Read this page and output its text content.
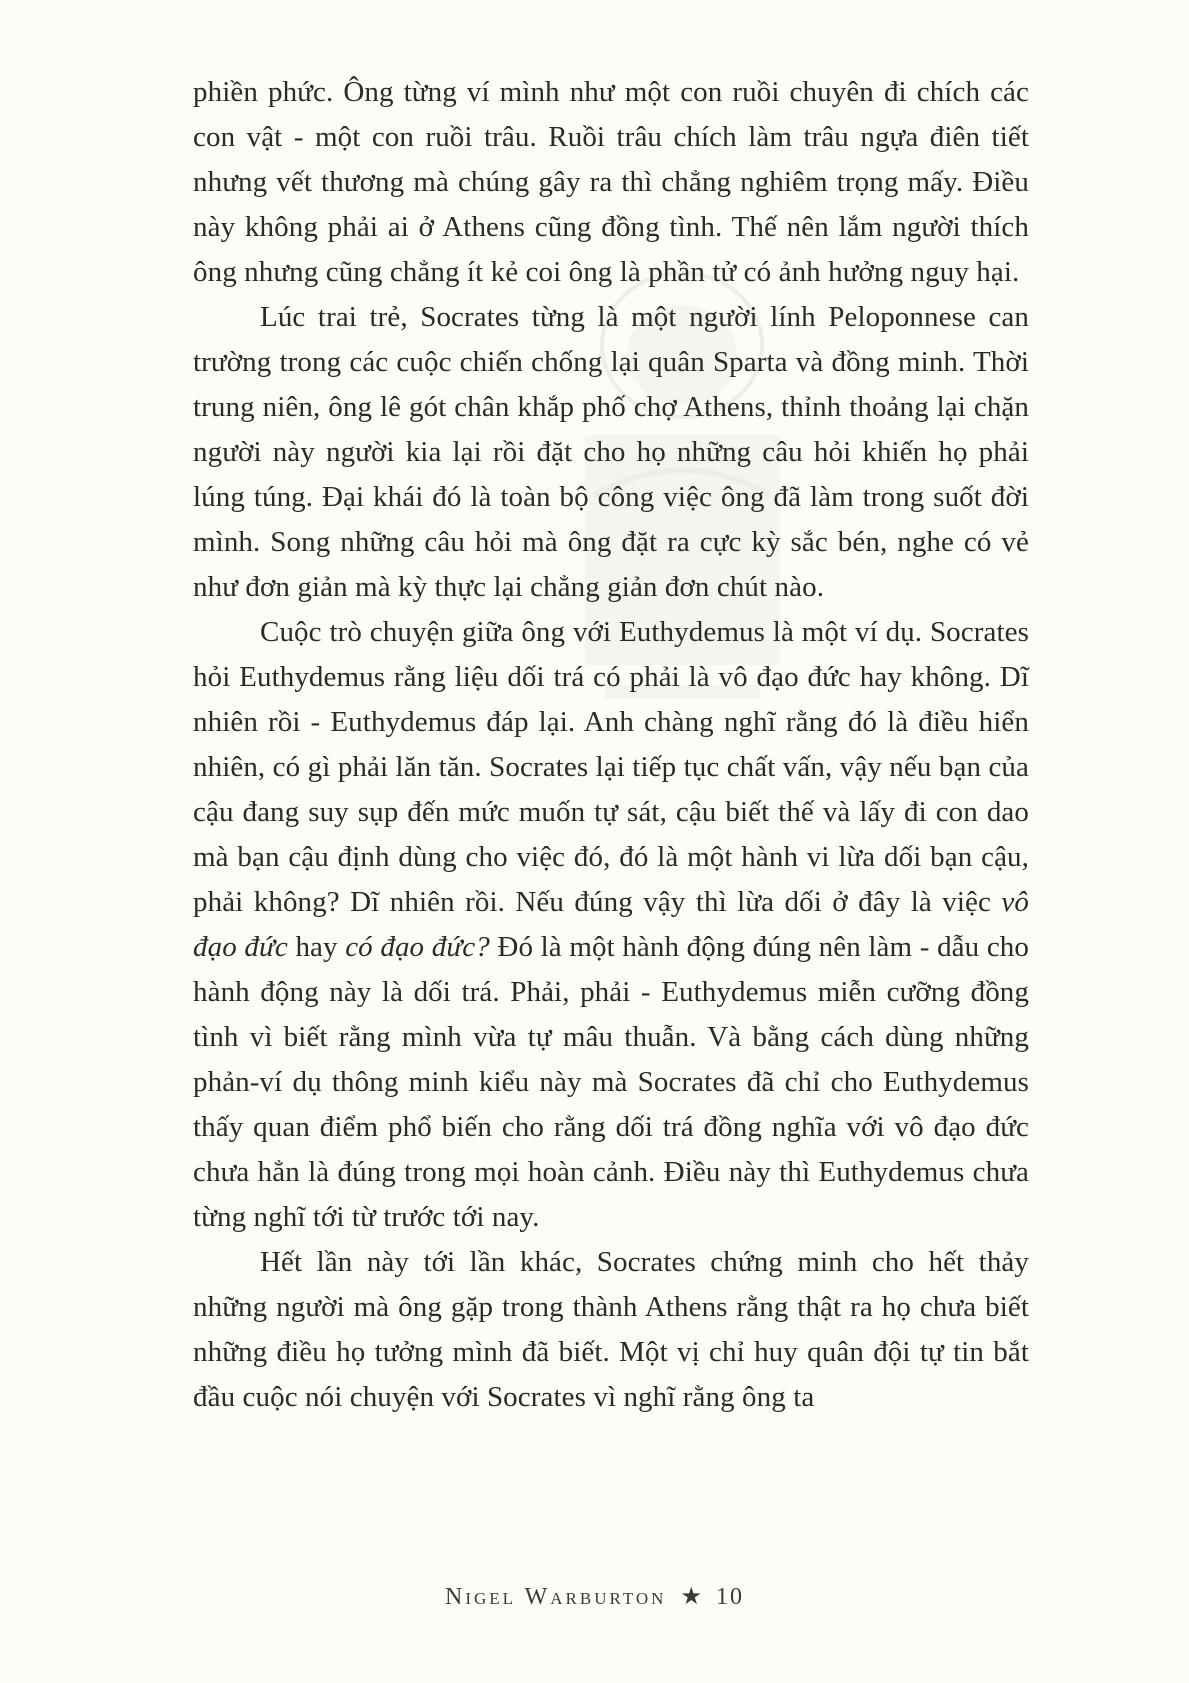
phiền phức. Ông từng ví mình như một con ruồi chuyên đi chích các con vật - một con ruồi trâu. Ruồi trâu chích làm trâu ngựa điên tiết nhưng vết thương mà chúng gây ra thì chẳng nghiêm trọng mấy. Điều này không phải ai ở Athens cũng đồng tình. Thế nên lắm người thích ông nhưng cũng chẳng ít kẻ coi ông là phần tử có ảnh hưởng nguy hại.

Lúc trai trẻ, Socrates từng là một người lính Peloponnese can trường trong các cuộc chiến chống lại quân Sparta và đồng minh. Thời trung niên, ông lê gót chân khắp phố chợ Athens, thỉnh thoảng lại chặn người này người kia lại rồi đặt cho họ những câu hỏi khiến họ phải lúng túng. Đại khái đó là toàn bộ công việc ông đã làm trong suốt đời mình. Song những câu hỏi mà ông đặt ra cực kỳ sắc bén, nghe có vẻ như đơn giản mà kỳ thực lại chẳng giản đơn chút nào.

Cuộc trò chuyện giữa ông với Euthydemus là một ví dụ. Socrates hỏi Euthydemus rằng liệu dối trá có phải là vô đạo đức hay không. Dĩ nhiên rồi - Euthydemus đáp lại. Anh chàng nghĩ rằng đó là điều hiển nhiên, có gì phải lăn tăn. Socrates lại tiếp tục chất vấn, vậy nếu bạn của cậu đang suy sụp đến mức muốn tự sát, cậu biết thế và lấy đi con dao mà bạn cậu định dùng cho việc đó, đó là một hành vi lừa dối bạn cậu, phải không? Dĩ nhiên rồi. Nếu đúng vậy thì lừa dối ở đây là việc vô đạo đức hay có đạo đức? Đó là một hành động đúng nên làm - dẫu cho hành động này là dối trá. Phải, phải - Euthydemus miễn cưỡng đồng tình vì biết rằng mình vừa tự mâu thuẫn. Và bằng cách dùng những phản-ví dụ thông minh kiểu này mà Socrates đã chỉ cho Euthydemus thấy quan điểm phổ biến cho rằng dối trá đồng nghĩa với vô đạo đức chưa hẳn là đúng trong mọi hoàn cảnh. Điều này thì Euthydemus chưa từng nghĩ tới từ trước tới nay.

Hết lần này tới lần khác, Socrates chứng minh cho hết thảy những người mà ông gặp trong thành Athens rằng thật ra họ chưa biết những điều họ tưởng mình đã biết. Một vị chỉ huy quân đội tự tin bắt đầu cuộc nói chuyện với Socrates vì nghĩ rằng ông ta

Nigel Warburton ★ 10
